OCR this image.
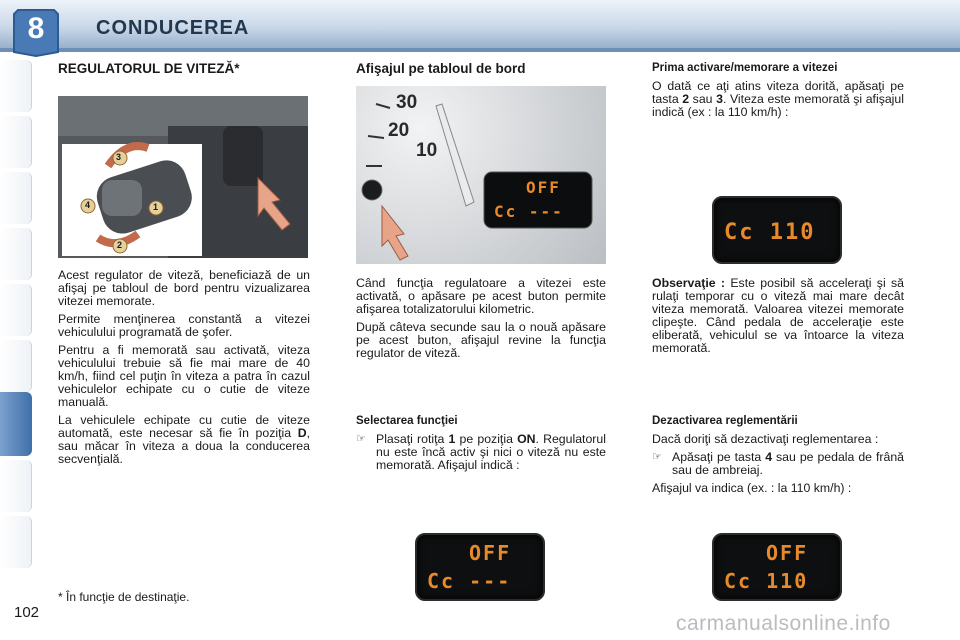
8	CONDUCEREA
REGULATORUL DE VITEZĂ*
3
4	1
2

Acest regulator de viteză, beneficiază de un afişaj pe tabloul de bord pentru vizualizarea vitezei memorate.

Permite menţinerea constantă a vitezei vehiculului programată de şofer.

Pentru a fi memorată sau activată, viteza vehiculului trebuie să fie mai mare de 40 km/h, fiind cel puţin în viteza a patra în cazul vehiculelor echipate cu o cutie de viteze manuală.

La vehiculele echipate cu cutie de viteze automată, este necesar să fie în poziţia D, sau măcar în viteza a doua la conducerea secvenţială.

Afişajul pe tabloul de bord
30
20
10
OFF
Cc ---

Când funcţia regulatoare a vitezei este activată, o apăsare pe acest buton permite afişarea totalizatorului kilometric.

După câteva secunde sau la o nouă apăsare pe acest buton, afişajul revine la funcţia regulator de viteză.

Selectarea funcţiei
☞ Plasaţi rotiţa 1 pe poziţia ON. Regulatorul nu este încă activ şi nici o viteză nu este memorată. Afişajul indică :

OFF
Cc ---
Prima activare/memorare a vitezei

O dată ce aţi atins viteza dorită, apăsaţi pe tasta 2 sau 3. Viteza este memorată şi afişajul indică (ex : la 110 km/h) :

Cc 110

Observaţie : Este posibil să acceleraţi şi să rulaţi temporar cu o viteză mai mare decât viteza memorată. Valoarea vitezei memorate clipeşte. Când pedala de acceleraţie este eliberată, vehiculul se va întoarce la viteza memorată.

Dezactivarea reglementării

Dacă doriţi să dezactivaţi reglementarea :

☞ Apăsaţi pe tasta 4 sau pe pedala de frână sau de ambreiaj.

Afişajul va indica (ex. : la 110 km/h) :

OFF
Cc 110
* În funcţie de destinaţie.
102	carmanualsonline.info
